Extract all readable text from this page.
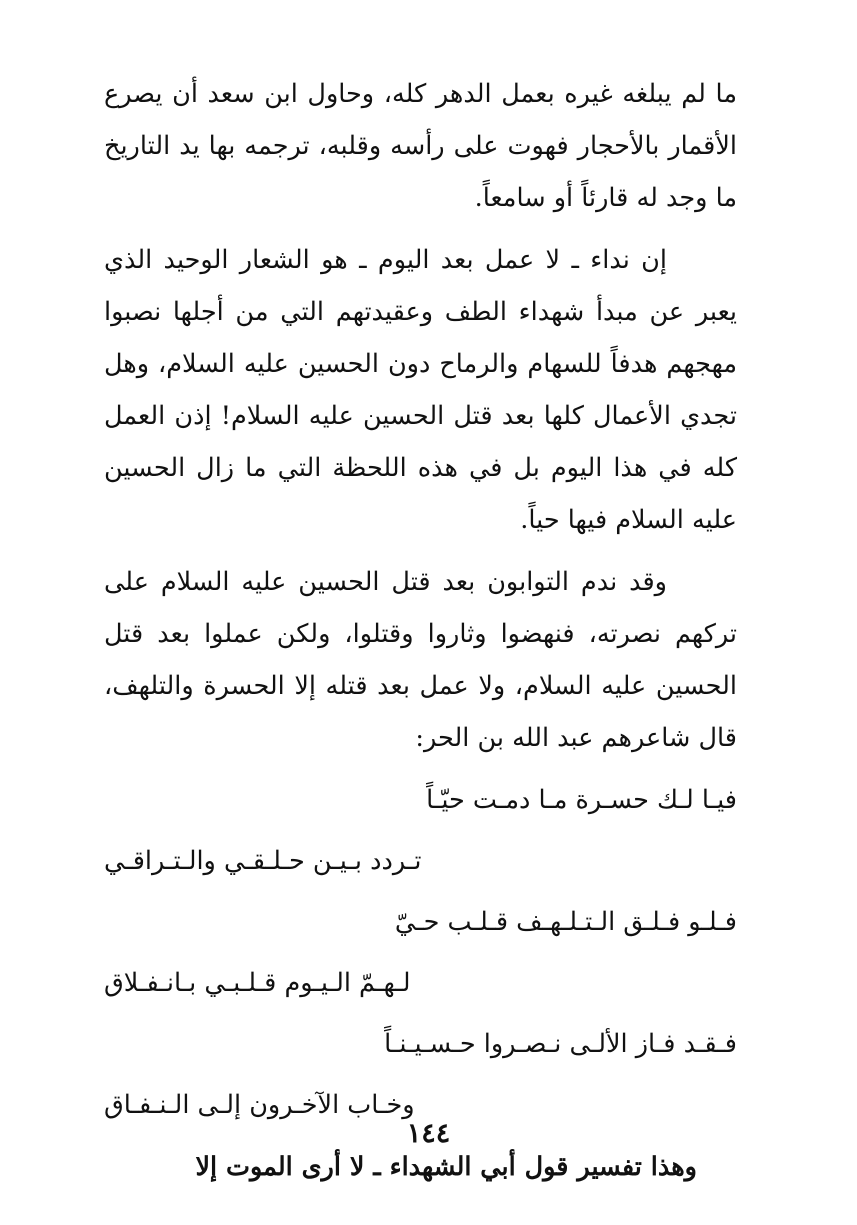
ما لم يبلغه غيره بعمل الدهر كله، وحاول ابن سعد أن يصرع الأقمار بالأحجار فهوت على رأسه وقلبه، ترجمه بها يد التاريخ ما وجد له قارئاً أو سامعاً.

إن نداء ـ لا عمل بعد اليوم ـ هو الشعار الوحيد الذي يعبر عن مبدأ شهداء الطف وعقيدتهم التي من أجلها نصبوا مهجهم هدفاً للسهام والرماح دون الحسين عليه السلام، وهل تجدي الأعمال كلها بعد قتل الحسين عليه السلام! إذن العمل كله في هذا اليوم بل في هذه اللحظة التي ما زال الحسين عليه السلام فيها حياً.

وقد ندم التوابون بعد قتل الحسين عليه السلام على تركهم نصرته، فنهضوا وثاروا وقتلوا، ولكن عملوا بعد قتل الحسين عليه السلام، ولا عمل بعد قتله إلا الحسرة والتلهف، قال شاعرهم عبد الله بن الحر:

فيـا لـك حسـرة مـا دمـت حيّـاً
تـردد بـيـن حـلـقـي والـتـراقـي
فـلـو فـلـق الـتـلـهـف قـلـب حـيّ
لـهـمّ الـيـوم قـلـبـي بـانـفـلاق
فـقـد فـاز الألـى نـصـروا حـسـيـنـاً
وخـاب الآخـرون إلـى الـنـفـاق
وهذا تفسير قول أبي الشهداء ـ لا أرى الموت إلا
١٤٤
